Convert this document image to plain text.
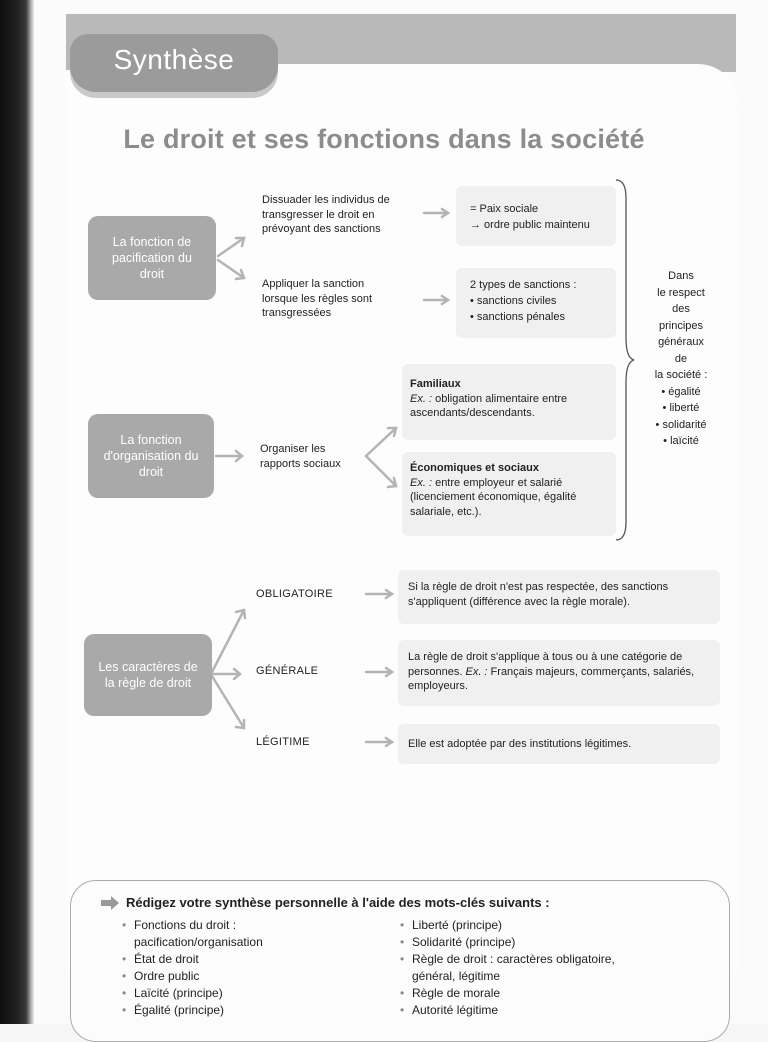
Synthèse
Le droit et ses fonctions dans la société
La fonction de pacification du droit
Dissuader les individus de transgresser le droit en prévoyant des sanctions
= Paix sociale
→ ordre public maintenu
Appliquer la sanction lorsque les règles sont transgressées
2 types de sanctions :
• sanctions civiles
• sanctions pénales
La fonction d'organisation du droit
Organiser les rapports sociaux
Familiaux
Ex. : obligation alimentaire entre ascendants/descendants.
Économiques et sociaux
Ex. : entre employeur et salarié (licenciement économique, égalité salariale, etc.).
Dans
le respect
des
principes
généraux
de
la société :
• égalité
• liberté
• solidarité
• laïcité
Les caractères de la règle de droit
OBLIGATOIRE
GÉNÉRALE
LÉGITIME
Si la règle de droit n'est pas respectée, des sanctions s'appliquent (différence avec la règle morale).
La règle de droit s'applique à tous ou à une catégorie de personnes. Ex. : Français majeurs, commerçants, salariés, employeurs.
Elle est adoptée par des institutions légitimes.
Rédigez votre synthèse personnelle à l'aide des mots-clés suivants :
• Fonctions du droit :
pacification/organisation
• État de droit
• Ordre public
• Laïcité (principe)
• Égalité (principe)
• Liberté (principe)
• Solidarité (principe)
• Règle de droit : caractères obligatoire,
général, légitime
• Règle de morale
• Autorité légitime
